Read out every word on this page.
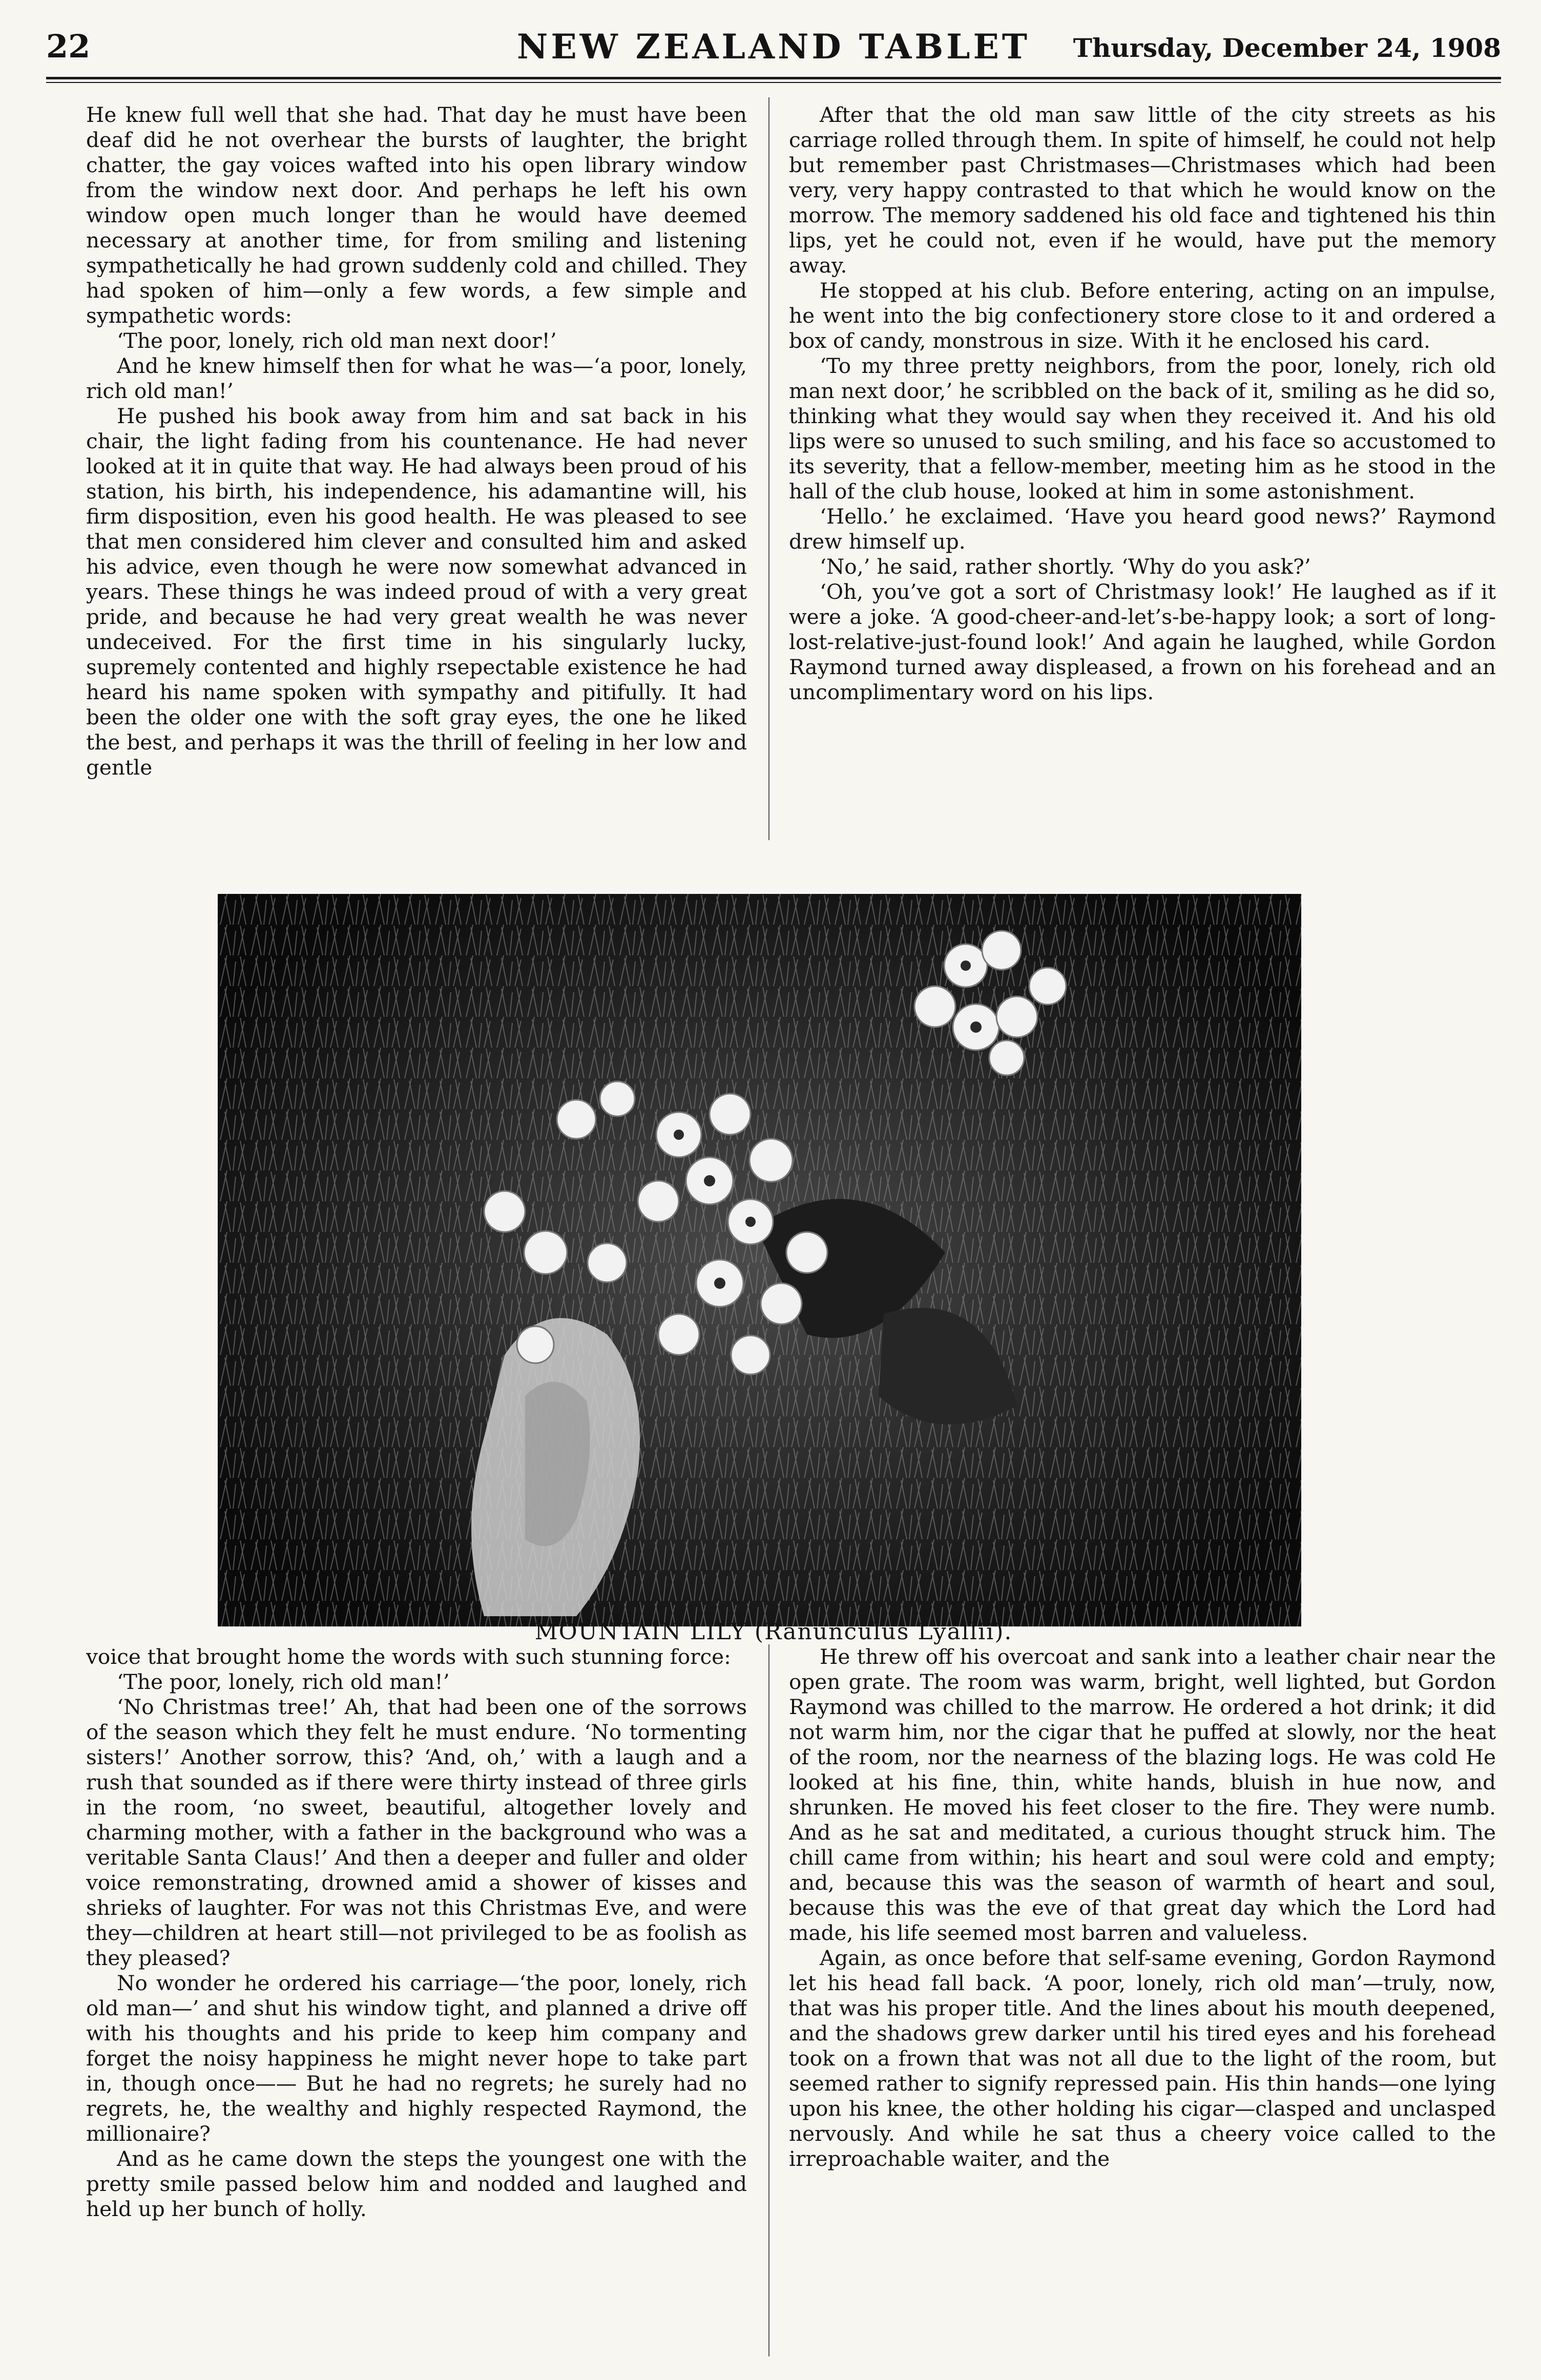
22	NEW ZEALAND TABLET	Thursday, December 24, 1908

He knew full well that she had. That day he must have been deaf did he not overhear the bursts of laughter, the bright chatter, the gay voices wafted into his open library window from the window next door. And perhaps he left his own window open much longer than he would have deemed necessary at another time, for from smiling and listening sympathetically he had grown suddenly cold and chilled. They had spoken of him—only a few words, a few simple and sympathetic words:

‘The poor, lonely, rich old man next door!’

And he knew himself then for what he was—‘a poor, lonely, rich old man!’

He pushed his book away from him and sat back in his chair, the light fading from his countenance. He had never looked at it in quite that way. He had always been proud of his station, his birth, his independence, his adamantine will, his firm disposition, even his good health. He was pleased to see that men considered him clever and consulted him and asked his advice, even though he were now somewhat advanced in years. These things he was indeed proud of with a very great pride, and because he had very great wealth he was never undeceived. For the first time in his singularly lucky, supremely contented and highly rsepectable existence he had heard his name spoken with sympathy and pitifully. It had been the older one with the soft gray eyes, the one he liked the best, and perhaps it was the thrill of feeling in her low and gentle

After that the old man saw little of the city streets as his carriage rolled through them. In spite of himself, he could not help but remember past Christmases—Christmases which had been very, very happy contrasted to that which he would know on the morrow. The memory saddened his old face and tightened his thin lips, yet he could not, even if he would, have put the memory away.

He stopped at his club. Before entering, acting on an impulse, he went into the big confectionery store close to it and ordered a box of candy, monstrous in size. With it he enclosed his card.

‘To my three pretty neighbors, from the poor, lonely, rich old man next door,’ he scribbled on the back of it, smiling as he did so, thinking what they would say when they received it. And his old lips were so unused to such smiling, and his face so accustomed to its severity, that a fellow-member, meeting him as he stood in the hall of the club house, looked at him in some astonishment.

‘Hello.’ he exclaimed. ‘Have you heard good news?’ Raymond drew himself up.

‘No,’ he said, rather shortly. ‘Why do you ask?’

‘Oh, you’ve got a sort of Christmasy look!’ He laughed as if it were a joke. ‘A good-cheer-and-let’s-be-happy look; a sort of long-lost-relative-just-found look!’ And again he laughed, while Gordon Raymond turned away displeased, a frown on his forehead and an uncomplimentary word on his lips.

MOUNTAIN LILY (Ranunculus Lyallii).

voice that brought home the words with such stunning force:

‘The poor, lonely, rich old man!’

‘No Christmas tree!’ Ah, that had been one of the sorrows of the season which they felt he must endure. ‘No tormenting sisters!’ Another sorrow, this? ‘And, oh,’ with a laugh and a rush that sounded as if there were thirty instead of three girls in the room, ‘no sweet, beautiful, altogether lovely and charming mother, with a father in the background who was a veritable Santa Claus!’ And then a deeper and fuller and older voice remonstrating, drowned amid a shower of kisses and shrieks of laughter. For was not this Christmas Eve, and were they—children at heart still—not privileged to be as foolish as they pleased?

No wonder he ordered his carriage—‘the poor, lonely, rich old man—’ and shut his window tight, and planned a drive off with his thoughts and his pride to keep him company and forget the noisy happiness he might never hope to take part in, though once—— But he had no regrets; he surely had no regrets, he, the wealthy and highly respected Raymond, the millionaire?

And as he came down the steps the youngest one with the pretty smile passed below him and nodded and laughed and held up her bunch of holly.

He threw off his overcoat and sank into a leather chair near the open grate. The room was warm, bright, well lighted, but Gordon Raymond was chilled to the marrow. He ordered a hot drink; it did not warm him, nor the cigar that he puffed at slowly, nor the heat of the room, nor the nearness of the blazing logs. He was cold He looked at his fine, thin, white hands, bluish in hue now, and shrunken. He moved his feet closer to the fire. They were numb. And as he sat and meditated, a curious thought struck him. The chill came from within; his heart and soul were cold and empty; and, because this was the season of warmth of heart and soul, because this was the eve of that great day which the Lord had made, his life seemed most barren and valueless.

Again, as once before that self-same evening, Gordon Raymond let his head fall back. ‘A poor, lonely, rich old man’—truly, now, that was his proper title. And the lines about his mouth deepened, and the shadows grew darker until his tired eyes and his forehead took on a frown that was not all due to the light of the room, but seemed rather to signify repressed pain. His thin hands—one lying upon his knee, the other holding his cigar—clasped and unclasped nervously. And while he sat thus a cheery voice called to the irreproachable waiter, and the
